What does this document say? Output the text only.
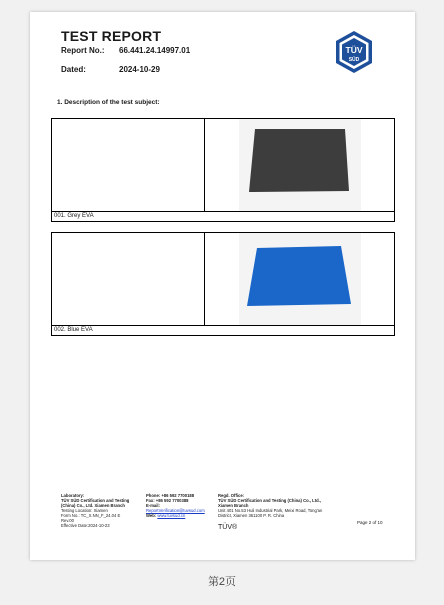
TEST REPORT
Report No.: 66.441.24.14997.01
Dated:	2024-10-29
TÜV
SÜD
1. Description of the test subject:
001. Grey EVA
002. Blue EVA
Laboratory:
TÜV SÜD Certification and Testing
(China) Co., Ltd. Xiamen Branch
Testing Location: Xiamen
Form No.: TC_X.NN_F_24.04 E
Rev.00
Effective Date:2024-10-23
Phone: +86 592 7700188
Fax: +86 592 7700388
E-mail:
ReportVerification@tuvsud.com
Web: www.tuvsud.cn
Regd. Office:
TÜV SÜD Certification and Testing (China) Co., Ltd.,
Xiamen Branch
Unit 401 No.53 Huli Industrial Park, Meixi Road, Tong'an
District, Xiamen 361100 P. R. China
TÜV®
Page 2 of 10
第2页
